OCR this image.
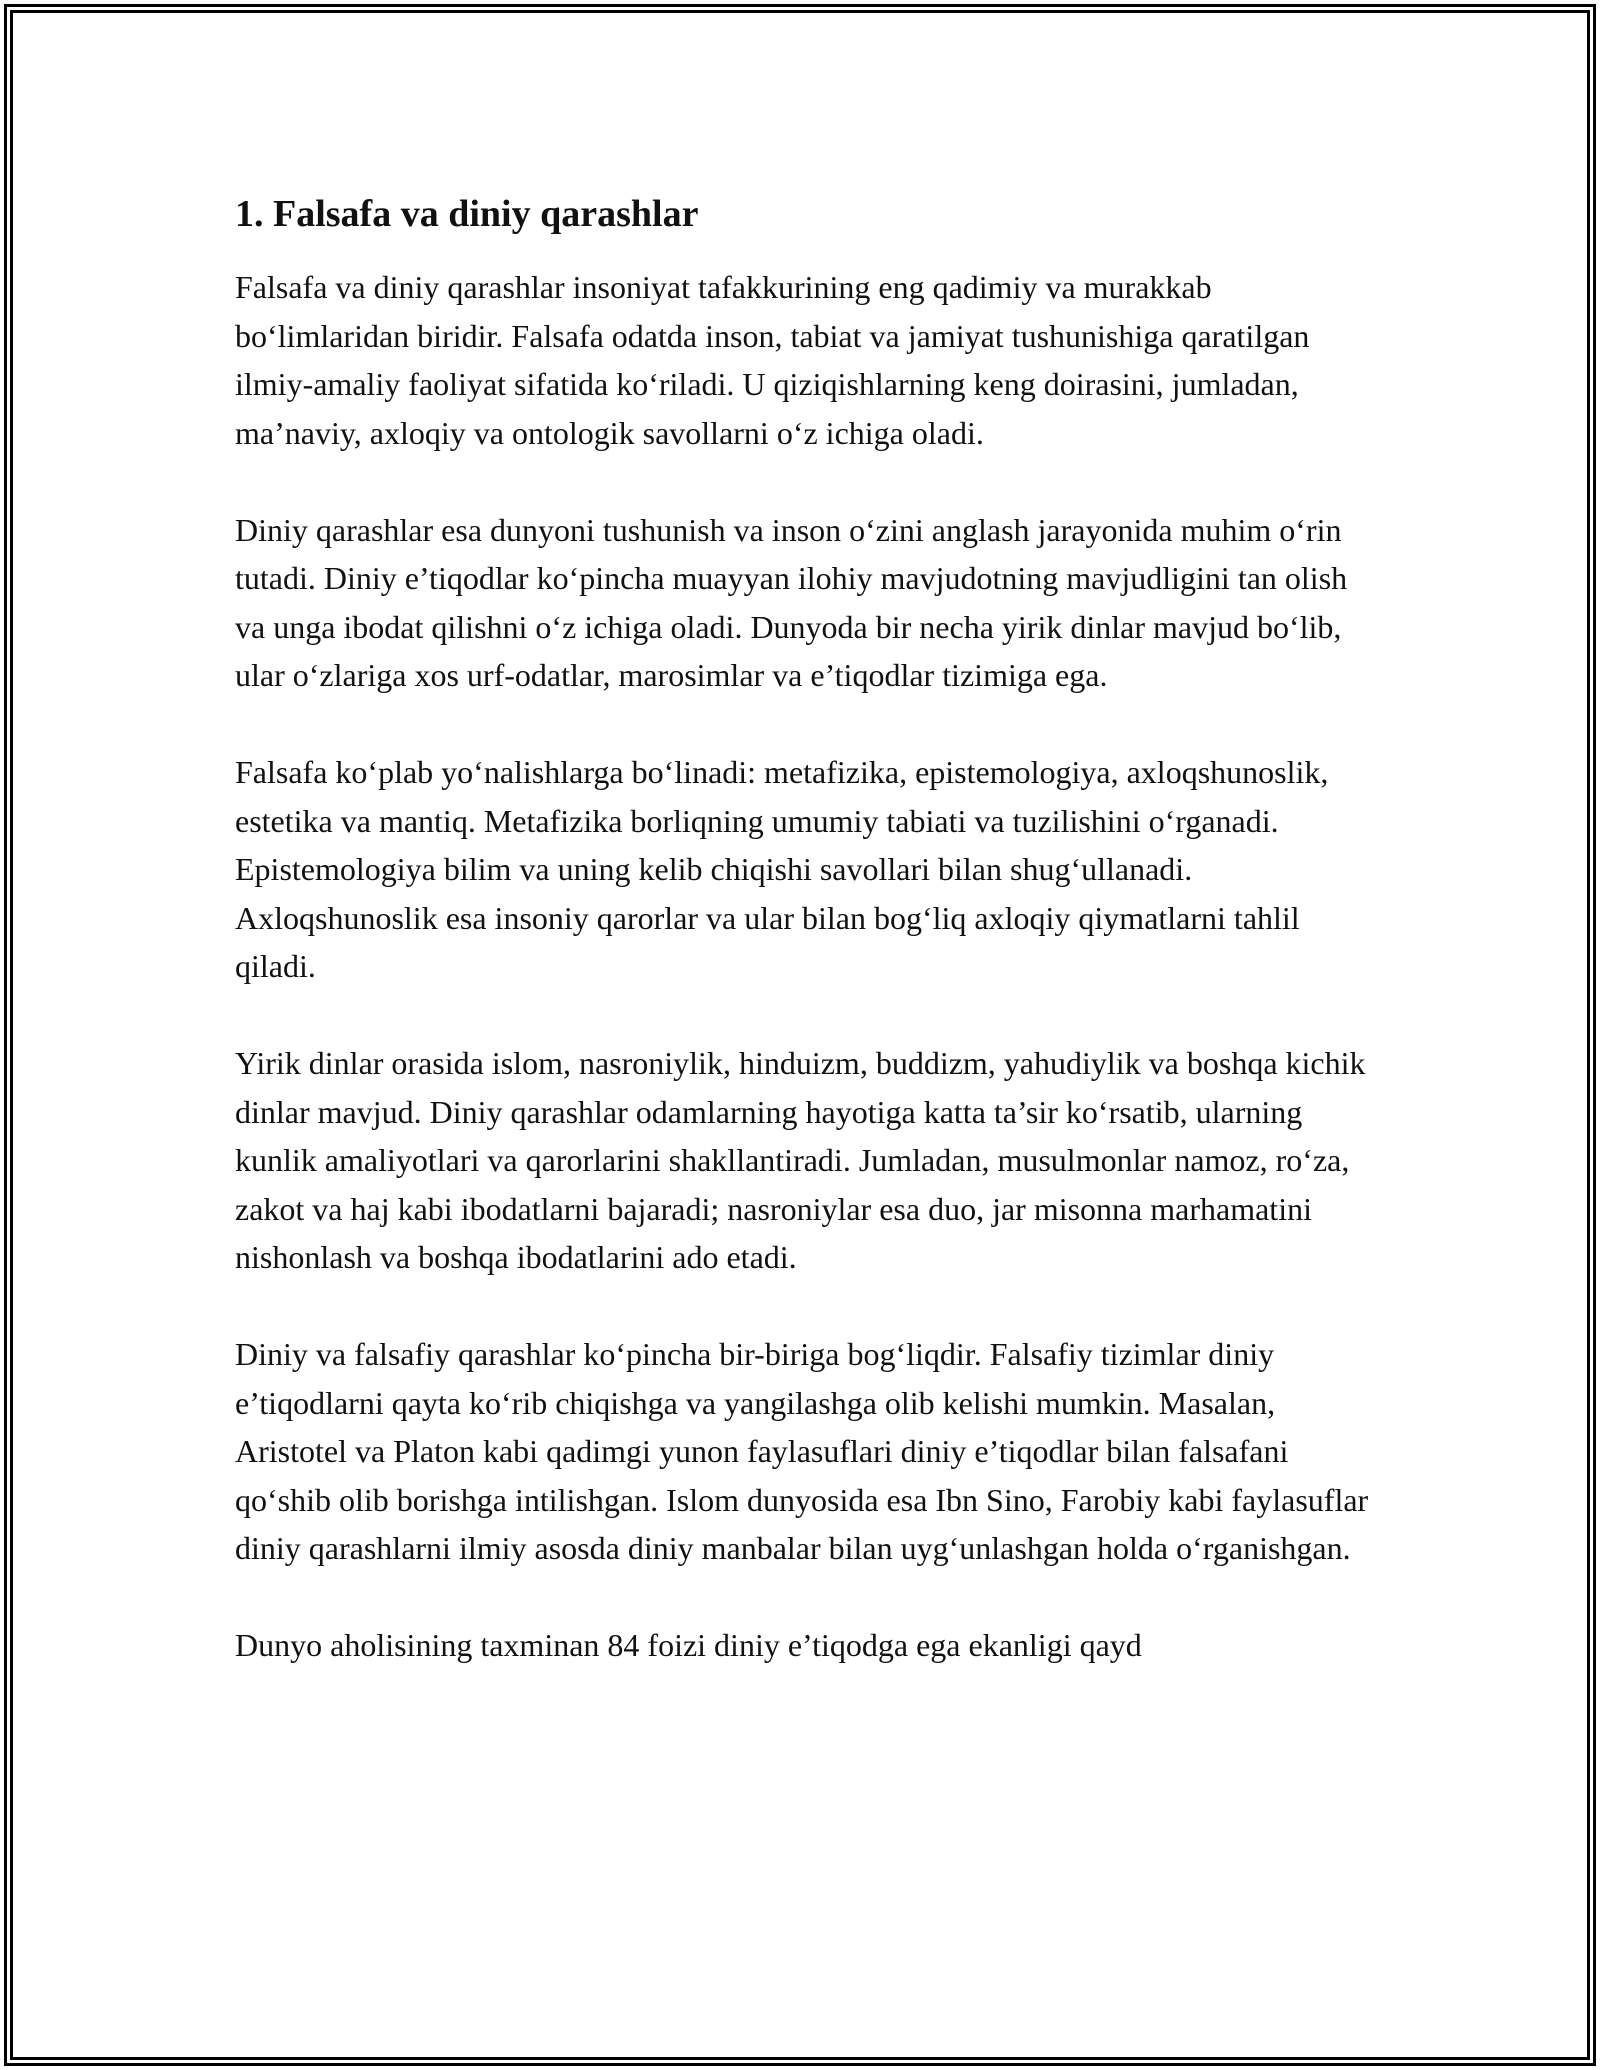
1. Falsafa va diniy qarashlar

Falsafa va diniy qarashlar insoniyat tafakkurining eng qadimiy va murakkab bo‘limlaridan biridir. Falsafa odatda inson, tabiat va jamiyat tushunishiga qaratilgan ilmiy-amaliy faoliyat sifatida ko‘riladi. U qiziqishlarning keng doirasini, jumladan, ma’naviy, axloqiy va ontologik savollarni o‘z ichiga oladi.

Diniy qarashlar esa dunyoni tushunish va inson o‘zini anglash jarayonida muhim o‘rin tutadi. Diniy e’tiqodlar ko‘pincha muayyan ilohiy mavjudotning mavjudligini tan olish va unga ibodat qilishni o‘z ichiga oladi. Dunyoda bir necha yirik dinlar mavjud bo‘lib, ular o‘zlariga xos urf-odatlar, marosimlar va e’tiqodlar tizimiga ega.

Falsafa ko‘plab yo‘nalishlarga bo‘linadi: metafizika, epistemologiya, axloqshunoslik, estetika va mantiq. Metafizika borliqning umumiy tabiati va tuzilishini o‘rganadi. Epistemologiya bilim va uning kelib chiqishi savollari bilan shug‘ullanadi. Axloqshunoslik esa insoniy qarorlar va ular bilan bog‘liq axloqiy qiymatlarni tahlil qiladi.

Yirik dinlar orasida islom, nasroniylik, hinduizm, buddizm, yahudiylik va boshqa kichik dinlar mavjud. Diniy qarashlar odamlarning hayotiga katta ta’sir ko‘rsatib, ularning kunlik amaliyotlari va qarorlarini shakllantiradi. Jumladan, musulmonlar namoz, ro‘za, zakot va haj kabi ibodatlarni bajaradi; nasroniylar esa duo, jar misonna marhamatini nishonlash va boshqa ibodatlarini ado etadi.

Diniy va falsafiy qarashlar ko‘pincha bir-biriga bog‘liqdir. Falsafiy tizimlar diniy e’tiqodlarni qayta ko‘rib chiqishga va yangilashga olib kelishi mumkin. Masalan, Aristotel va Platon kabi qadimgi yunon faylasuflari diniy e’tiqodlar bilan falsafani qo‘shib olib borishga intilishgan. Islom dunyosida esa Ibn Sino, Farobiy kabi faylasuflar diniy qarashlarni ilmiy asosda diniy manbalar bilan uyg‘unlashgan holda o‘rganishgan.

Dunyo aholisining taxminan 84 foizi diniy e’tiqodga ega ekanligi qayd
